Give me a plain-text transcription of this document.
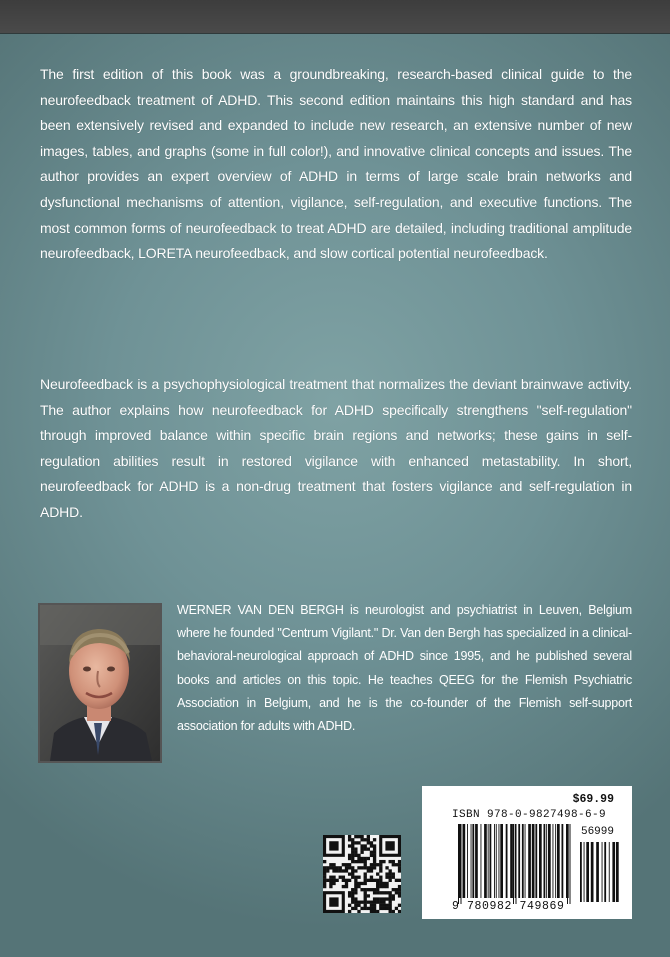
The first edition of this book was a groundbreaking, research-based clinical guide to the neurofeedback treatment of ADHD. This second edition maintains this high standard and has been extensively revised and expanded to include new research, an extensive number of new images, tables, and graphs (some in full color!), and innovative clinical concepts and issues. The author provides an expert overview of ADHD in terms of large scale brain networks and dysfunctional mechanisms of attention, vigilance, self-regulation, and executive functions. The most common forms of neurofeedback to treat ADHD are detailed, including traditional amplitude neurofeedback, LORETA neurofeedback, and slow cortical potential neurofeedback.

Neurofeedback is a psychophysiological treatment that normalizes the deviant brainwave activity. The author explains how neurofeedback for ADHD specifically strengthens "self-regulation" through improved balance within specific brain regions and networks; these gains in self-regulation abilities result in restored vigilance with enhanced metastability. In short, neurofeedback for ADHD is a non-drug treatment that fosters vigilance and self-regulation in ADHD.

WERNER VAN DEN BERGH is neurologist and psychiatrist in Leuven, Belgium where he founded "Centrum Vigilant." Dr. Van den Bergh has specialized in a clinical-behavioral-neurological approach of ADHD since 1995, and he published several books and articles on this topic. He teaches QEEG for the Flemish Psychiatric Association in Belgium, and he is the co-founder of the Flemish self-support association for adults with ADHD.

$69.99

ISBN 978-0-9827498-6-9

56999

9 780982 749869
